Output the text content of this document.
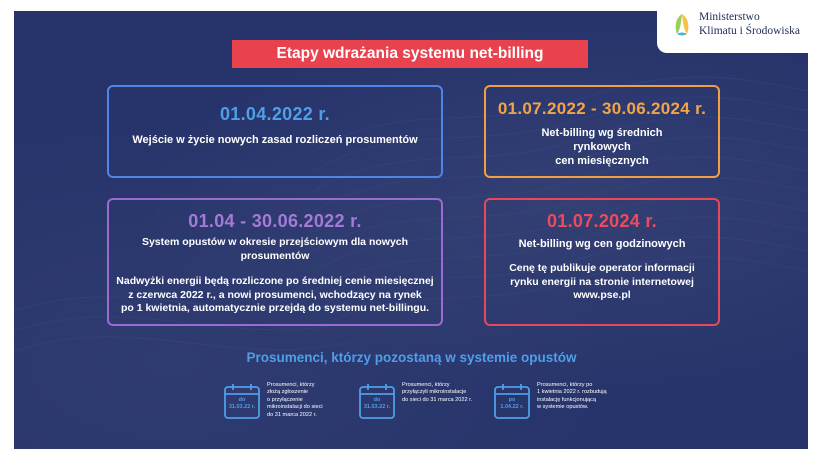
Etapy wdrażania systemu net-billing
01.04.2022 r.
Wejście w życie nowych zasad rozliczeń prosumentów
01.07.2022 - 30.06.2024 r.
Net-billing wg średnich
rynkowych
cen miesięcznych
01.04 - 30.06.2022 r.
System opustów w okresie przejściowym dla nowych prosumentów
Nadwyżki energii będą rozliczone po średniej cenie miesięcznej
z czerwca 2022 r., a nowi prosumenci, wchodzący na rynek
po 1 kwietnia, automatycznie przejdą do systemu net-billingu.
01.07.2024 r.
Net-billing wg cen godzinowych
Cenę tę publikuje operator informacji
rynku energii na stronie internetowej
www.pse.pl
Prosumenci, którzy pozostaną w systemie opustów
do
31.03.22 r.
Prosumenci, którzy
złożą zgłoszenie
o przyłączenie
mikroinstalacji do sieci
do 31 marca 2022 r.
do
31.03.22 r.
Prosumenci, którzy
przyłączyli mikroinstalacje
do sieci do 31 marca 2022 r.	po
1.04.22 r.
Prosumenci, którzy po
1 kwietnia 2022 r. rozbudują
instalację funkcjonującą
w systemie opustów.
Ministerstwo
Klimatu i Środowiska
